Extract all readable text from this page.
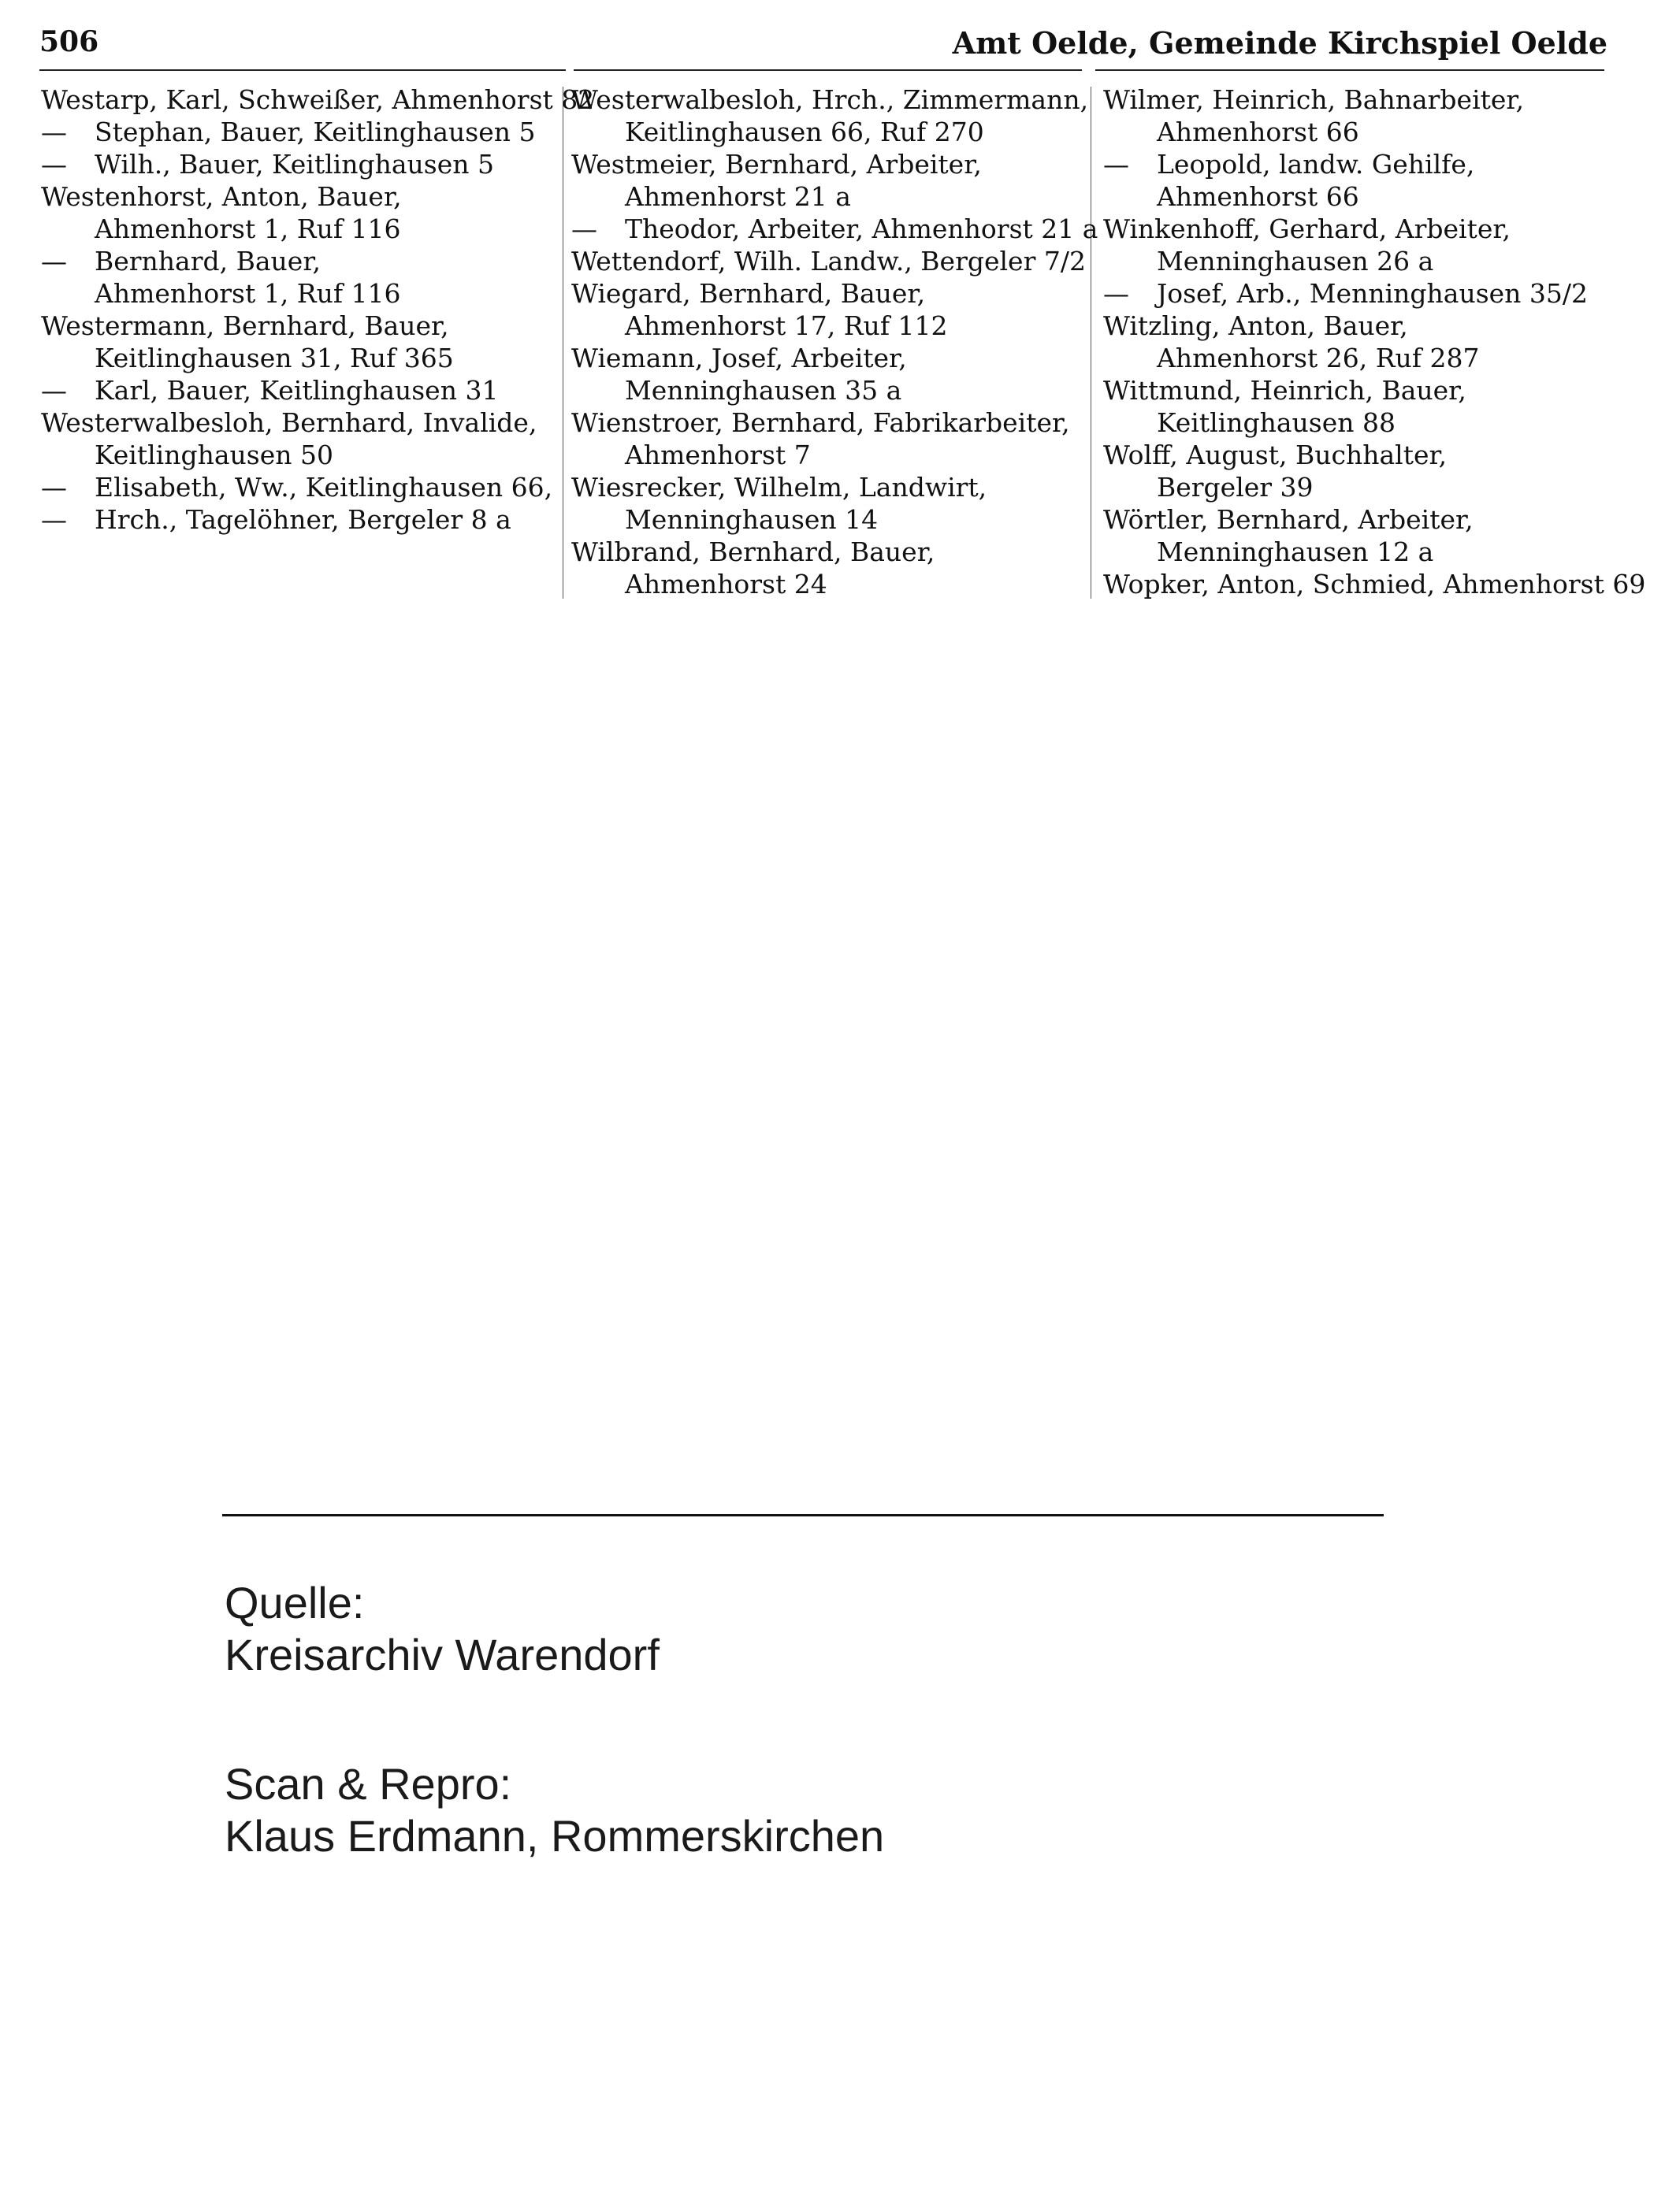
506	Amt Oelde, Gemeinde Kirchspiel Oelde

Westarp, Karl, Schweißer, Ahmenhorst 82

— Stephan, Bauer, Keitlinghausen 5

— Wilh., Bauer, Keitlinghausen 5

Westenhorst, Anton, Bauer,
Ahmenhorst 1, Ruf 116

— Bernhard, Bauer,
Ahmenhorst 1, Ruf 116

Westermann, Bernhard, Bauer,
Keitlinghausen 31, Ruf 365

— Karl, Bauer, Keitlinghausen 31

Westerwalbesloh, Bernhard, Invalide,
Keitlinghausen 50

— Elisabeth, Ww., Keitlinghausen 66,

— Hrch., Tagelöhner, Bergeler 8 a

Westerwalbesloh, Hrch., Zimmermann,
Keitlinghausen 66, Ruf 270

Westmeier, Bernhard, Arbeiter,
Ahmenhorst 21 a

— Theodor, Arbeiter, Ahmenhorst 21 a

Wettendorf, Wilh. Landw., Bergeler 7/2

Wiegard, Bernhard, Bauer,
Ahmenhorst 17, Ruf 112

Wiemann, Josef, Arbeiter,
Menninghausen 35 a

Wienstroer, Bernhard, Fabrikarbeiter,
Ahmenhorst 7

Wiesrecker, Wilhelm, Landwirt,
Menninghausen 14

Wilbrand, Bernhard, Bauer,
Ahmenhorst 24

Wilmer, Heinrich, Bahnarbeiter,
Ahmenhorst 66

— Leopold, landw. Gehilfe,
Ahmenhorst 66

Winkenhoff, Gerhard, Arbeiter,
Menninghausen 26 a

— Josef, Arb., Menninghausen 35/2

Witzling, Anton, Bauer,
Ahmenhorst 26, Ruf 287

Wittmund, Heinrich, Bauer,
Keitlinghausen 88

Wolff, August, Buchhalter,
Bergeler 39

Wörtler, Bernhard, Arbeiter,
Menninghausen 12 a

Wopker, Anton, Schmied, Ahmenhorst 69

Quelle:
Kreisarchiv Warendorf
Scan & Repro:
Klaus Erdmann, Rommerskirchen
